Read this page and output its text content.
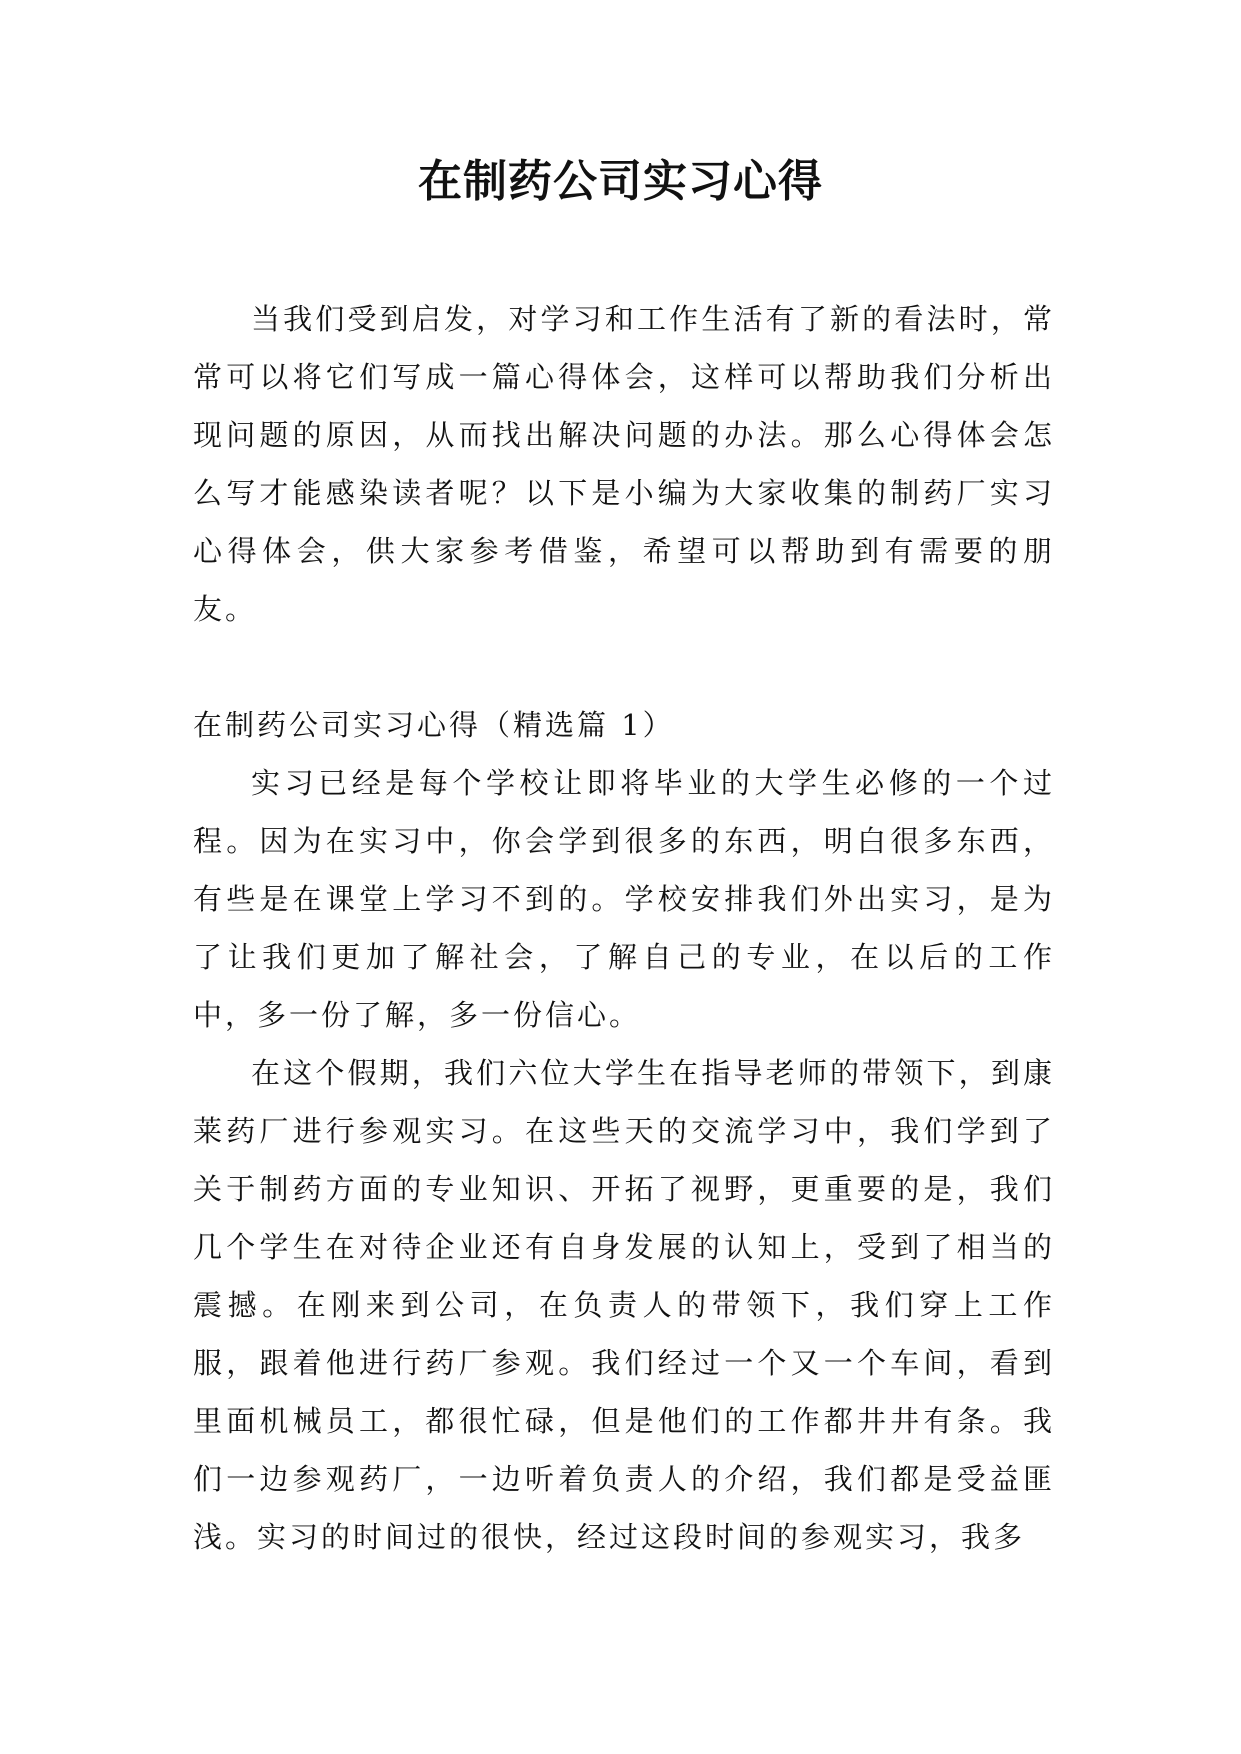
在制药公司实习心得

当我们受到启发，对学习和工作生活有了新的看法时，常常可以将它们写成一篇心得体会，这样可以帮助我们分析出现问题的原因，从而找出解决问题的办法。那么心得体会怎么写才能感染读者呢？以下是小编为大家收集的制药厂实习心得体会，供大家参考借鉴，希望可以帮助到有需要的朋友。

在制药公司实习心得（精选篇 1）

实习已经是每个学校让即将毕业的大学生必修的一个过程。因为在实习中，你会学到很多的东西，明白很多东西，有些是在课堂上学习不到的。学校安排我们外出实习，是为了让我们更加了解社会，了解自己的专业，在以后的工作中，多一份了解，多一份信心。

在这个假期，我们六位大学生在指导老师的带领下，到康莱药厂进行参观实习。在这些天的交流学习中，我们学到了关于制药方面的专业知识、开拓了视野，更重要的是，我们几个学生在对待企业还有自身发展的认知上，受到了相当的震撼。在刚来到公司，在负责人的带领下，我们穿上工作服，跟着他进行药厂参观。我们经过一个又一个车间，看到里面机械员工，都很忙碌，但是他们的工作都井井有条。我们一边参观药厂，一边听着负责人的介绍，我们都是受益匪浅。实习的时间过的很快，经过这段时间的参观实习，我多
